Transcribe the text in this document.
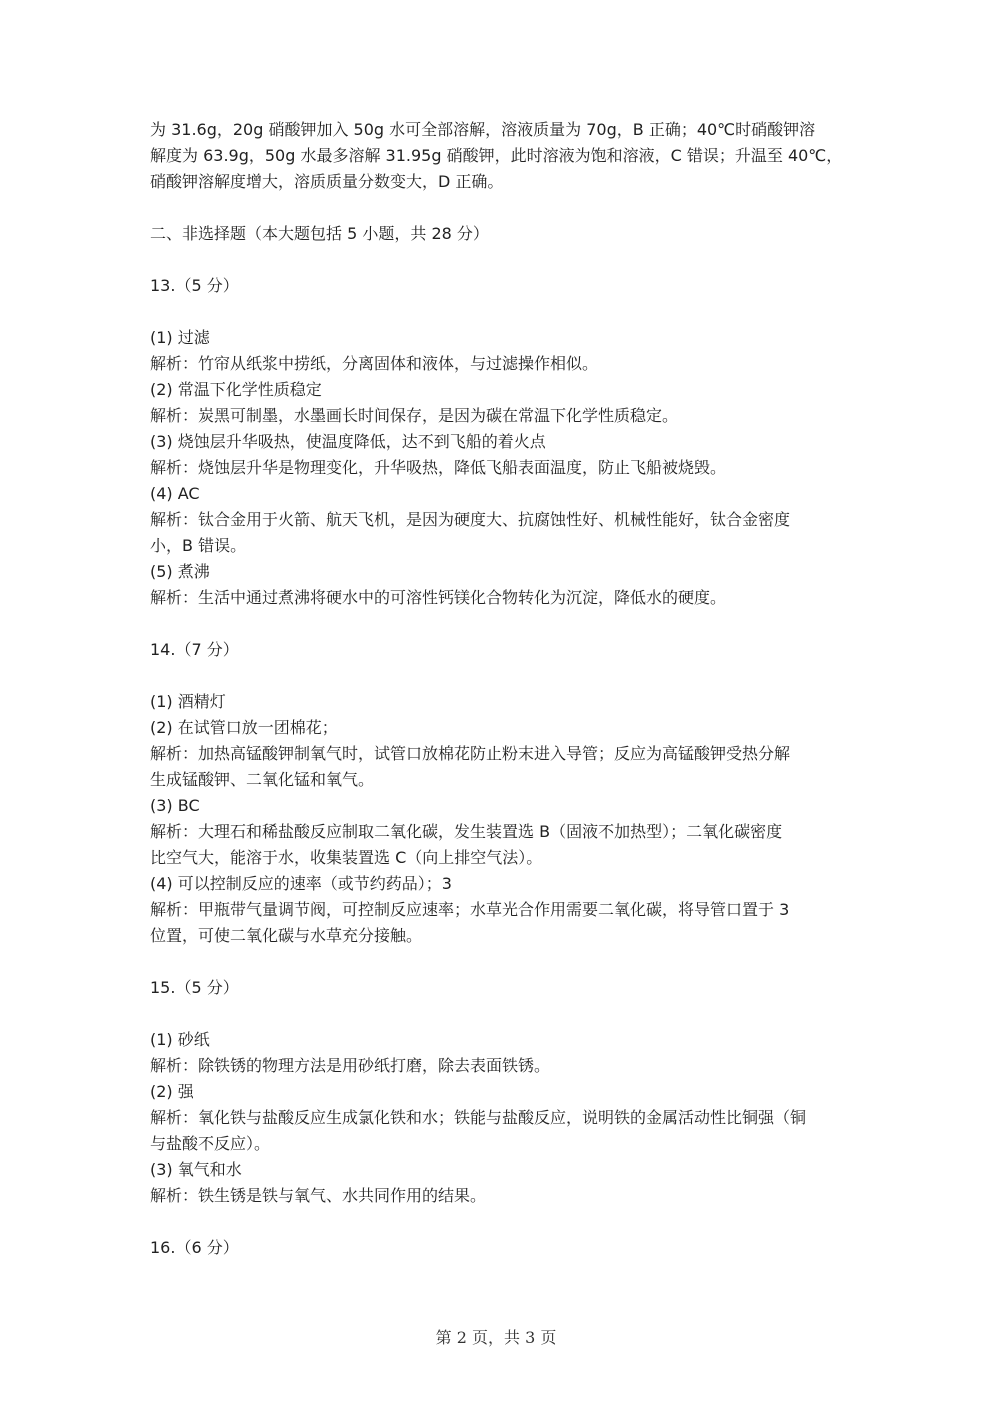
为 31.6g，20g 硝酸钾加入 50g 水可全部溶解，溶液质量为 70g，B 正确；40℃时硝酸钾溶
解度为 63.9g，50g 水最多溶解 31.95g 硝酸钾，此时溶液为饱和溶液，C 错误；升温至 40℃，
硝酸钾溶解度增大，溶质质量分数变大，D 正确。
二、非选择题（本大题包括 5 小题，共 28 分）
13.（5 分）
(1) 过滤
解析：竹帘从纸浆中捞纸，分离固体和液体，与过滤操作相似。
(2) 常温下化学性质稳定
解析：炭黑可制墨，水墨画长时间保存，是因为碳在常温下化学性质稳定。
(3) 烧蚀层升华吸热，使温度降低，达不到飞船的着火点
解析：烧蚀层升华是物理变化，升华吸热，降低飞船表面温度，防止飞船被烧毁。
(4) AC
解析：钛合金用于火箭、航天飞机，是因为硬度大、抗腐蚀性好、机械性能好，钛合金密度
小，B 错误。
(5) 煮沸
解析：生活中通过煮沸将硬水中的可溶性钙镁化合物转化为沉淀，降低水的硬度。
14.（7 分）
(1) 酒精灯
(2) 在试管口放一团棉花；
解析：加热高锰酸钾制氧气时，试管口放棉花防止粉末进入导管；反应为高锰酸钾受热分解
生成锰酸钾、二氧化锰和氧气。
(3) BC
解析：大理石和稀盐酸反应制取二氧化碳，发生装置选 B（固液不加热型）；二氧化碳密度
比空气大，能溶于水，收集装置选 C（向上排空气法）。
(4) 可以控制反应的速率（或节约药品）；3
解析：甲瓶带气量调节阀，可控制反应速率；水草光合作用需要二氧化碳，将导管口置于 3
位置，可使二氧化碳与水草充分接触。
15.（5 分）
(1) 砂纸
解析：除铁锈的物理方法是用砂纸打磨，除去表面铁锈。
(2) 强
解析：氧化铁与盐酸反应生成氯化铁和水；铁能与盐酸反应，说明铁的金属活动性比铜强（铜
与盐酸不反应）。
(3) 氧气和水
解析：铁生锈是铁与氧气、水共同作用的结果。
16.（6 分）
第 2 页，共 3 页
